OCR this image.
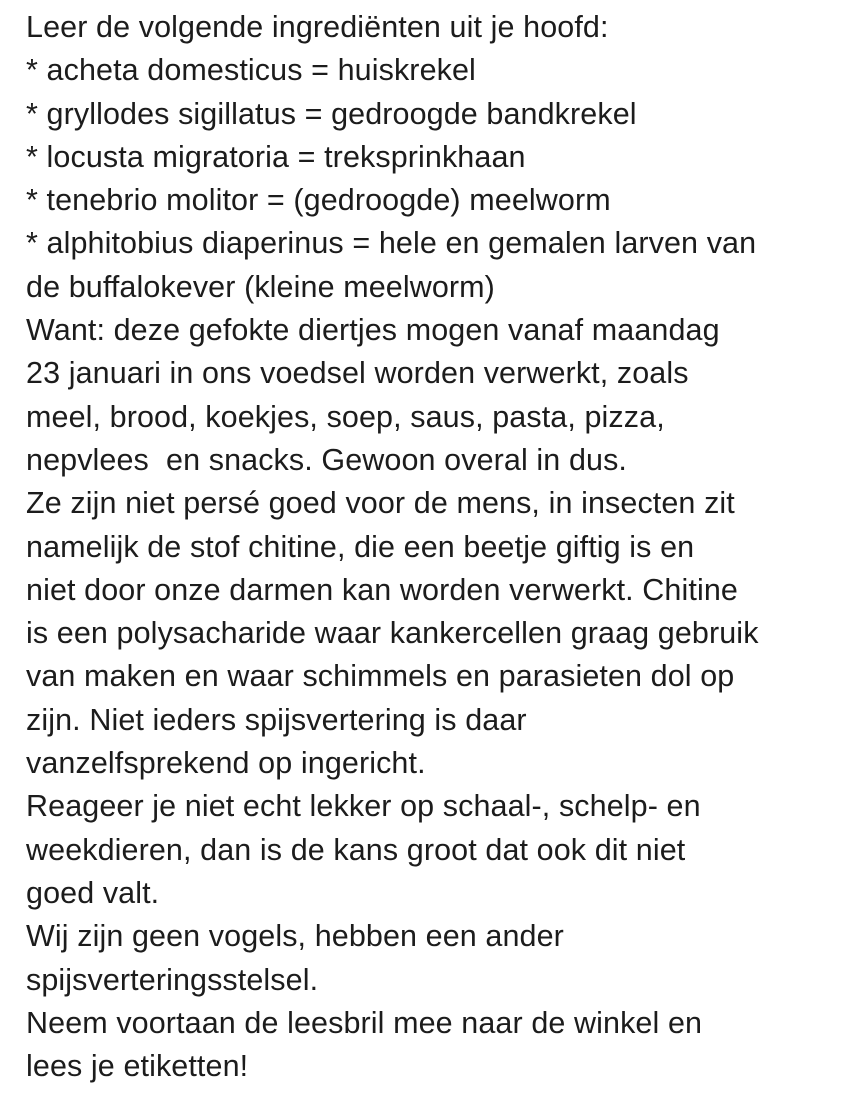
Leer de volgende ingrediënten uit je hoofd:
* acheta domesticus = huiskrekel
* gryllodes sigillatus = gedroogde bandkrekel
* locusta migratoria = treksprinkhaan
* tenebrio molitor = (gedroogde) meelworm
* alphitobius diaperinus = hele en gemalen larven van
de buffalokever (kleine meelworm)
Want: deze gefokte diertjes mogen vanaf maandag
23 januari in ons voedsel worden verwerkt, zoals
meel, brood, koekjes, soep, saus, pasta, pizza,
nepvlees  en snacks. Gewoon overal in dus.
Ze zijn niet persé goed voor de mens, in insecten zit
namelijk de stof chitine, die een beetje giftig is en
niet door onze darmen kan worden verwerkt. Chitine
is een polysacharide waar kankercellen graag gebruik
van maken en waar schimmels en parasieten dol op
zijn. Niet ieders spijsvertering is daar
vanzelfsprekend op ingericht.
Reageer je niet echt lekker op schaal-, schelp- en
weekdieren, dan is de kans groot dat ook dit niet
goed valt.
Wij zijn geen vogels, hebben een ander
spijsverteringsstelsel.
Neem voortaan de leesbril mee naar de winkel en
lees je etiketten!
